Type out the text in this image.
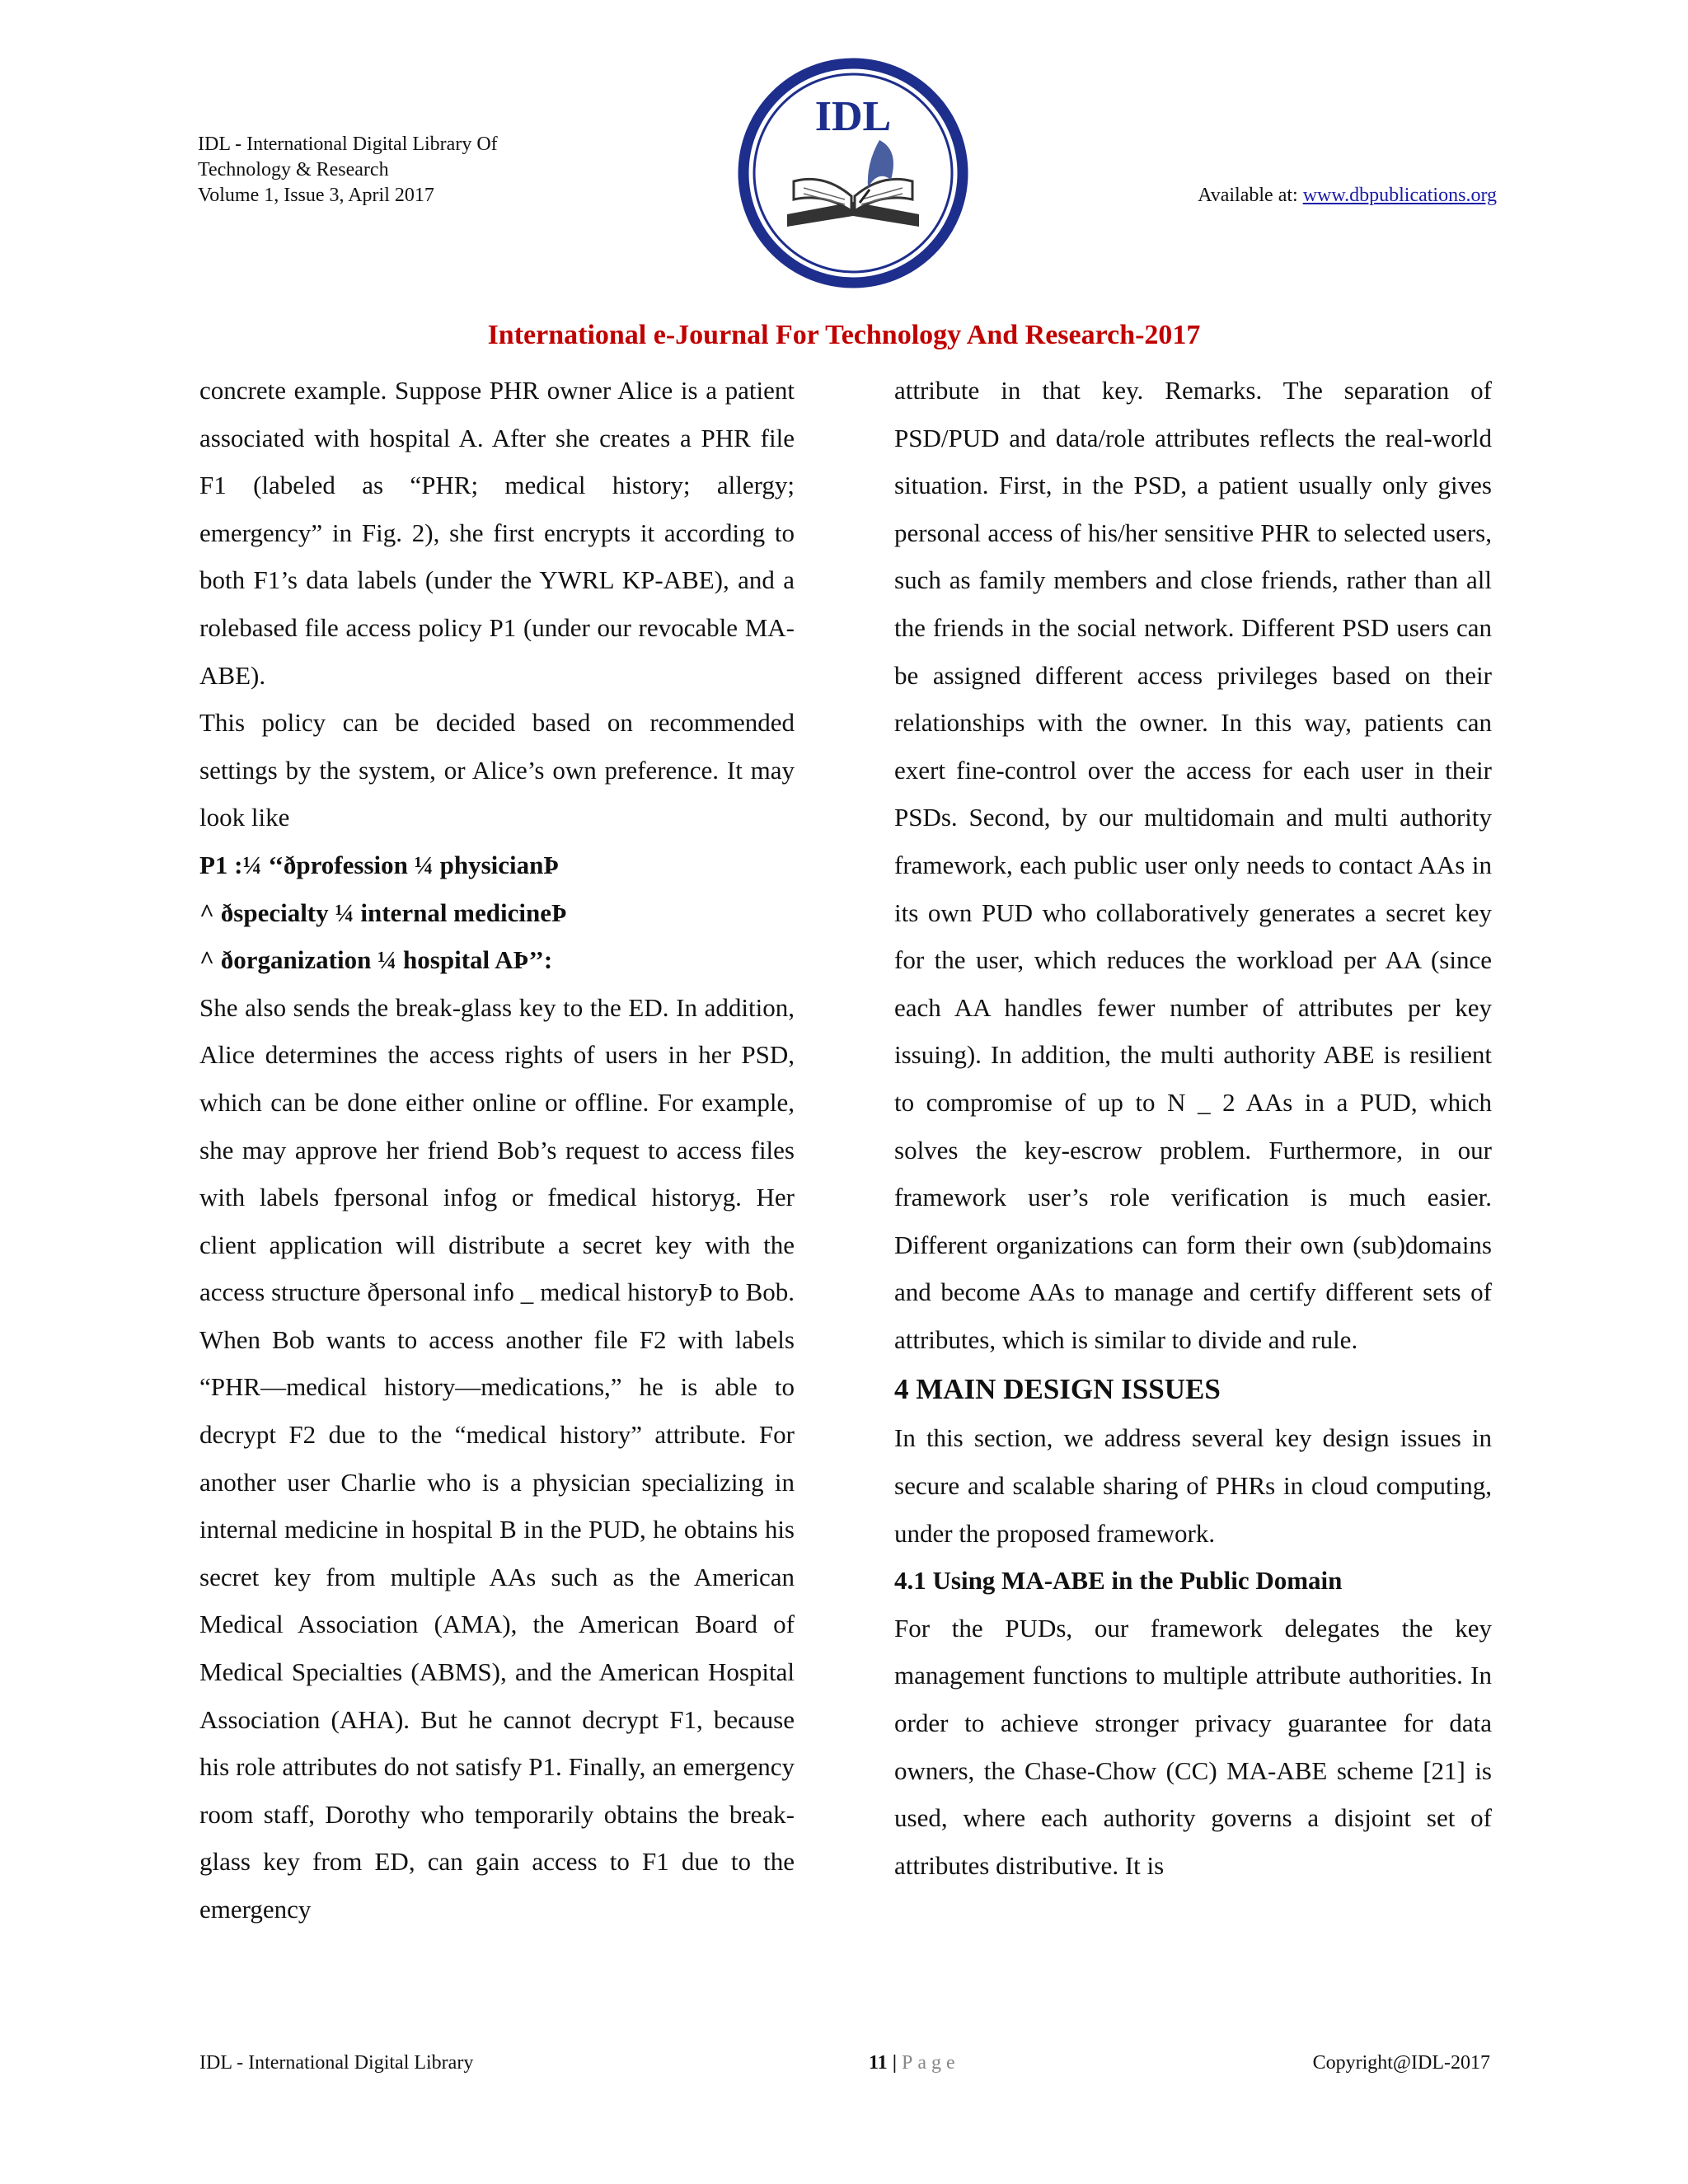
IDL - International Digital Library Of
Technology & Research
Volume 1, Issue 3, April 2017
IDL
Available at: www.dbpublications.org
International e-Journal For Technology And Research-2017

concrete example. Suppose PHR owner Alice is a patient associated with hospital A. After she creates a PHR file F1 (labeled as “PHR; medical history; allergy; emergency” in Fig. 2), she first encrypts it according to both F1’s data labels (under the YWRL KP-ABE), and a rolebased file access policy P1 (under our revocable MA-ABE).

This policy can be decided based on recommended settings by the system, or Alice’s own preference. It may look like

P1 :¼ ‘‘ðprofession ¼ physicianÞ

^ ðspecialty ¼ internal medicineÞ

^ ðorganization ¼ hospital AÞ’’:

She also sends the break-glass key to the ED. In addition, Alice determines the access rights of users in her PSD, which can be done either online or offline. For example, she may approve her friend Bob’s request to access files with labels fpersonal infog or fmedical historyg. Her client application will distribute a secret key with the access structure ðpersonal info _ medical historyÞ to Bob. When Bob wants to access another file F2 with labels “PHR—medical history—medications,” he is able to decrypt F2 due to the “medical history” attribute. For another user Charlie who is a physician specializing in internal medicine in hospital B in the PUD, he obtains his secret key from multiple AAs such as the American Medical Association (AMA), the American Board of Medical Specialties (ABMS), and the American Hospital Association (AHA). But he cannot decrypt F1, because his role attributes do not satisfy P1. Finally, an emergency room staff, Dorothy who temporarily obtains the break-glass key from ED, can gain access to F1 due to the emergency

attribute in that key. Remarks. The separation of PSD/PUD and data/role attributes reflects the real-world situation. First, in the PSD, a patient usually only gives personal access of his/her sensitive PHR to selected users, such as family members and close friends, rather than all the friends in the social network. Different PSD users can be assigned different access privileges based on their relationships with the owner. In this way, patients can exert fine-control over the access for each user in their PSDs. Second, by our multidomain and multi authority framework, each public user only needs to contact AAs in its own PUD who collaboratively generates a secret key for the user, which reduces the workload per AA (since each AA handles fewer number of attributes per key issuing). In addition, the multi authority ABE is resilient to compromise of up to N _ 2 AAs in a PUD, which solves the key-escrow problem. Furthermore, in our framework user’s role verification is much easier. Different organizations can form their own (sub)domains and become AAs to manage and certify different sets of attributes, which is similar to divide and rule.

4 MAIN DESIGN ISSUES

In this section, we address several key design issues in secure and scalable sharing of PHRs in cloud computing, under the proposed framework.

4.1 Using MA-ABE in the Public Domain

For the PUDs, our framework delegates the key management functions to multiple attribute authorities. In order to achieve stronger privacy guarantee for data owners, the Chase-Chow (CC) MA-ABE scheme [21] is used, where each authority governs a disjoint set of attributes distributive. It is

IDL - International Digital Library	11 | Page	Copyright@IDL-2017
